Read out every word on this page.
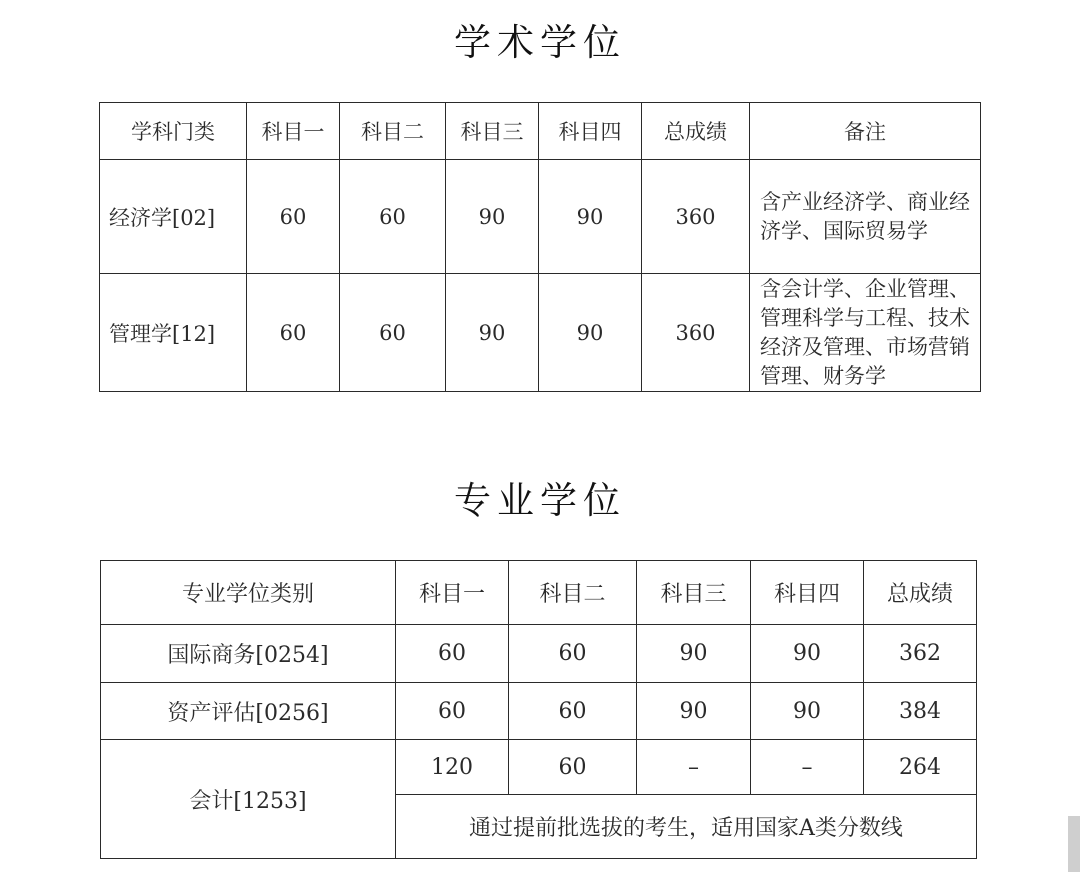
学术学位
学科门类	科目一	科目二	科目三	科目四	总成绩	备注
经济学[02]	60	60	90	90	360	含产业经济学、商业经济学、国际贸易学
管理学[12]	60	60	90	90	360	含会计学、企业管理、管理科学与工程、技术经济及管理、市场营销管理、财务学
专业学位
专业学位类别	科目一	科目二	科目三	科目四	总成绩
国际商务[0254]	60	60	90	90	362
资产评估[0256]	60	60	90	90	384
会计[1253]	120	60	–	–	264
	通过提前批选拔的考生，适用国家A类分数线				
